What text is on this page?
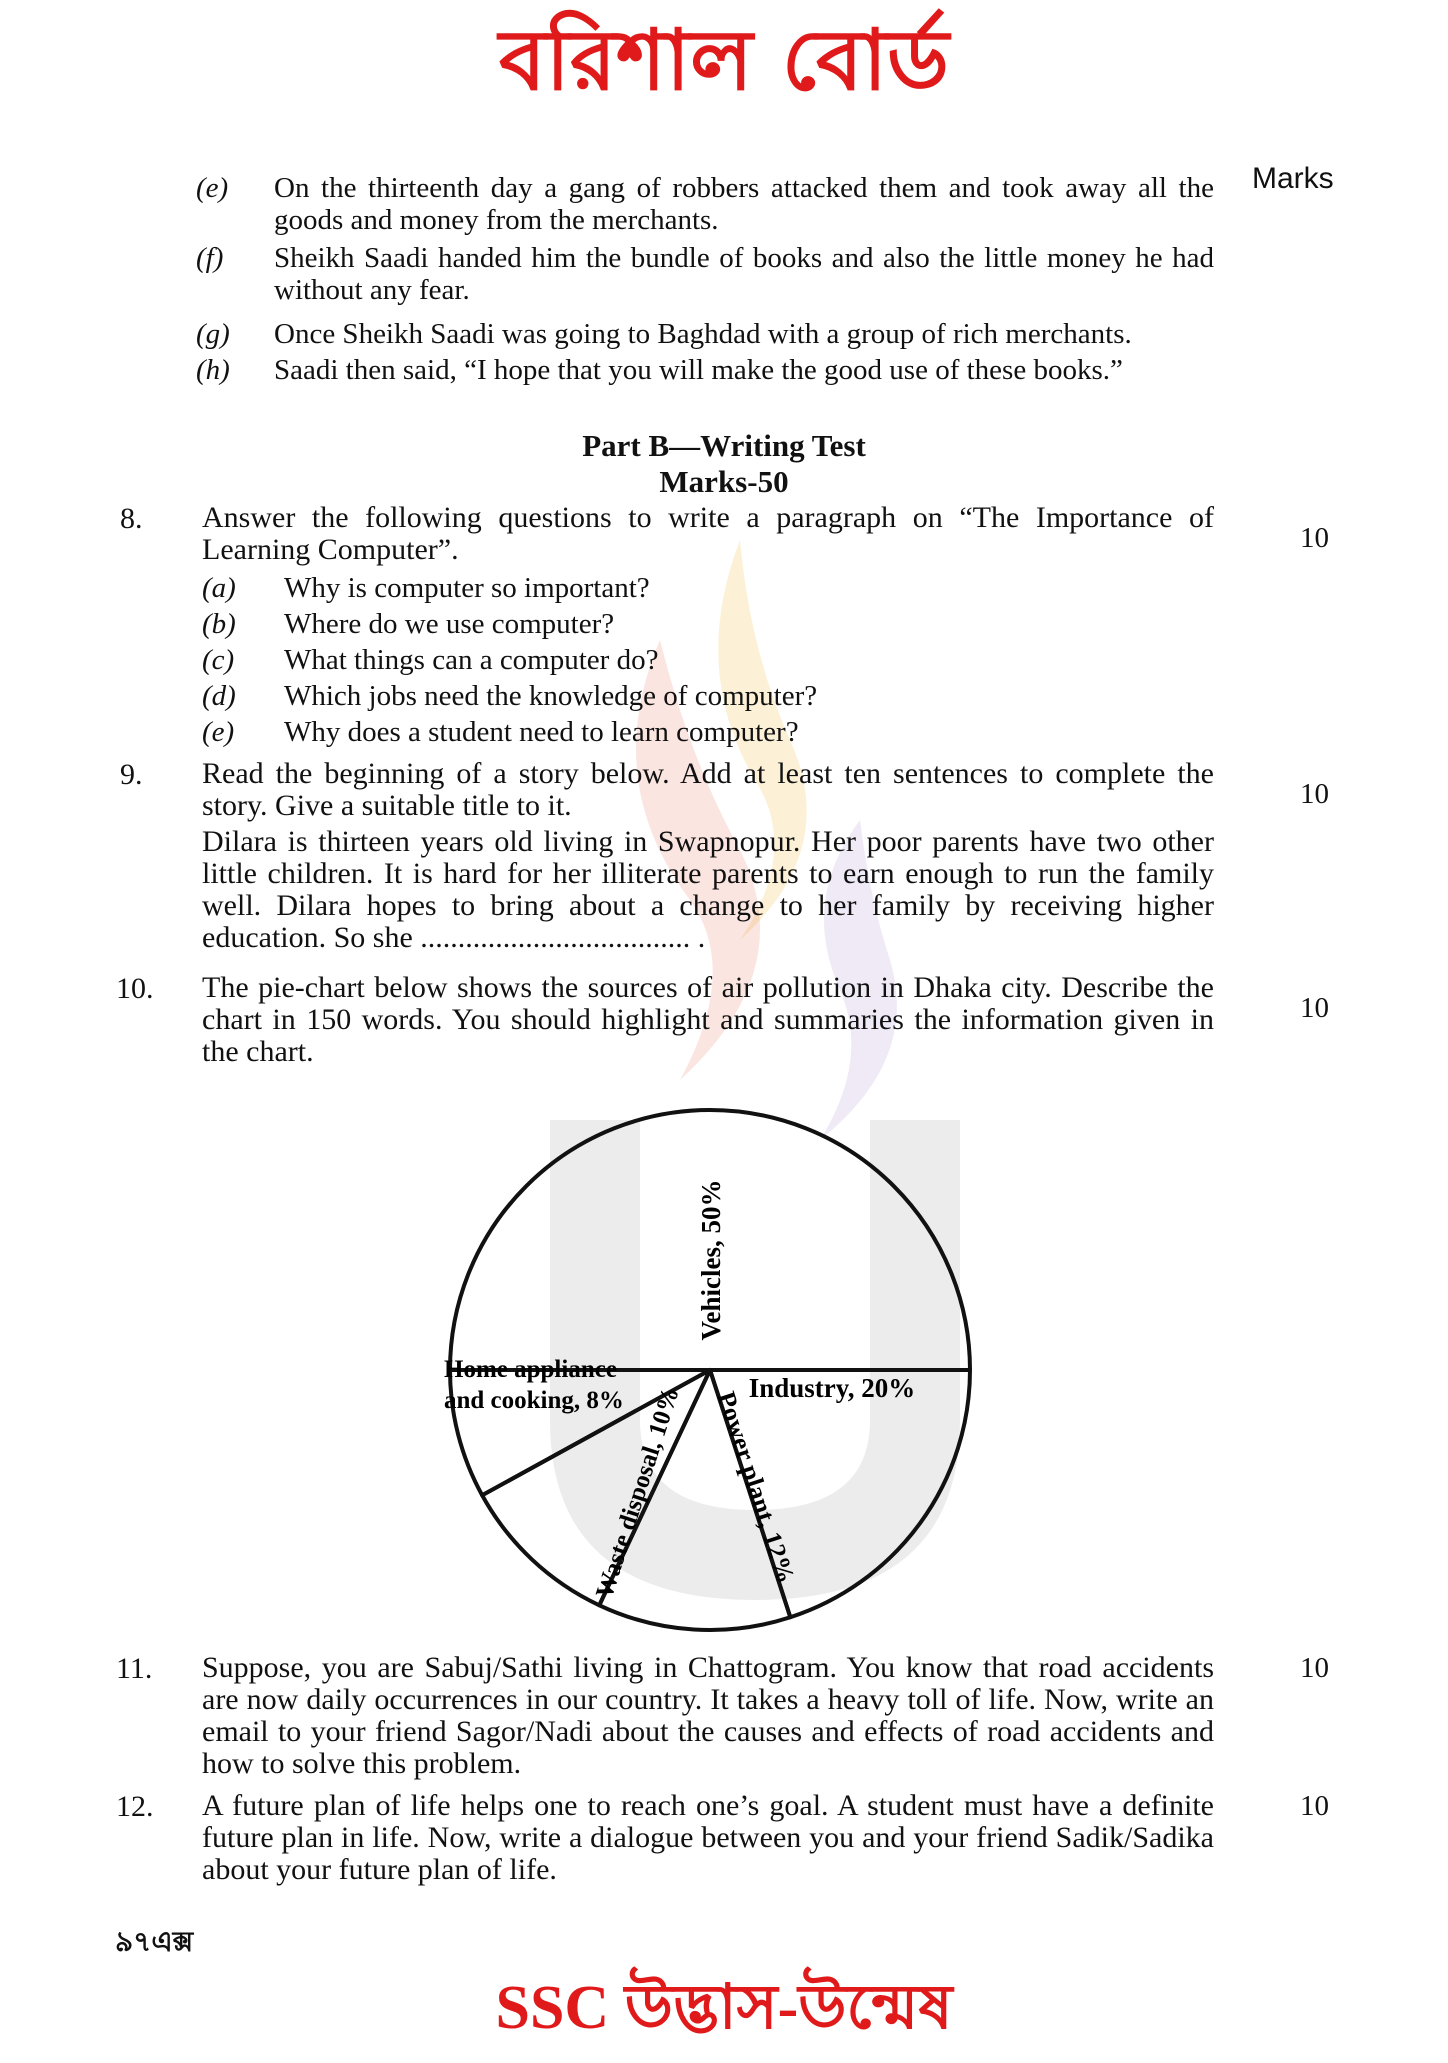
বরিশাল বোর্ড
Marks
(e) On the thirteenth day a gang of robbers attacked them and took away all the goods and money from the merchants.
(f) Sheikh Saadi handed him the bundle of books and also the little money he had without any fear.
(g) Once Sheikh Saadi was going to Baghdad with a group of rich merchants.
(h) Saadi then said, “I hope that you will make the good use of these books.”
Part B—Writing Test
Marks-50
8. Answer the following questions to write a paragraph on “The Importance of Learning Computer”.	10
(a) Why is computer so important?
(b) Where do we use computer?
(c) What things can a computer do?
(d) Which jobs need the knowledge of computer?
(e) Why does a student need to learn computer?
9. Read the beginning of a story below. Add at least ten sentences to complete the story. Give a suitable title to it.	10
Dilara is thirteen years old living in Swapnopur. Her poor parents have two other little children. It is hard for her illiterate parents to earn enough to run the family well. Dilara hopes to bring about a change to her family by receiving higher education. So she .................................... .
10. The pie-chart below shows the sources of air pollution in Dhaka city. Describe the chart in 150 words. You should highlight and summaries the information given in the chart.
10
Vehicles, 50%
Industry, 20%
Power plant, 12%
Waste disposal, 10%
Home appliance
and cooking, 8%
11. Suppose, you are Sabuj/Sathi living in Chattogram. You know that road accidents are now daily occurrences in our country. It takes a heavy toll of life. Now, write an email to your friend Sagor/Nadi about the causes and effects of road accidents and how to solve this problem.
10
12. A future plan of life helps one to reach one’s goal. A student must have a definite future plan in life. Now, write a dialogue between you and your friend Sadik/Sadika about your future plan of life.
10
৯৭এক্স
SSC উদ্ভাস-উন্মেষ
